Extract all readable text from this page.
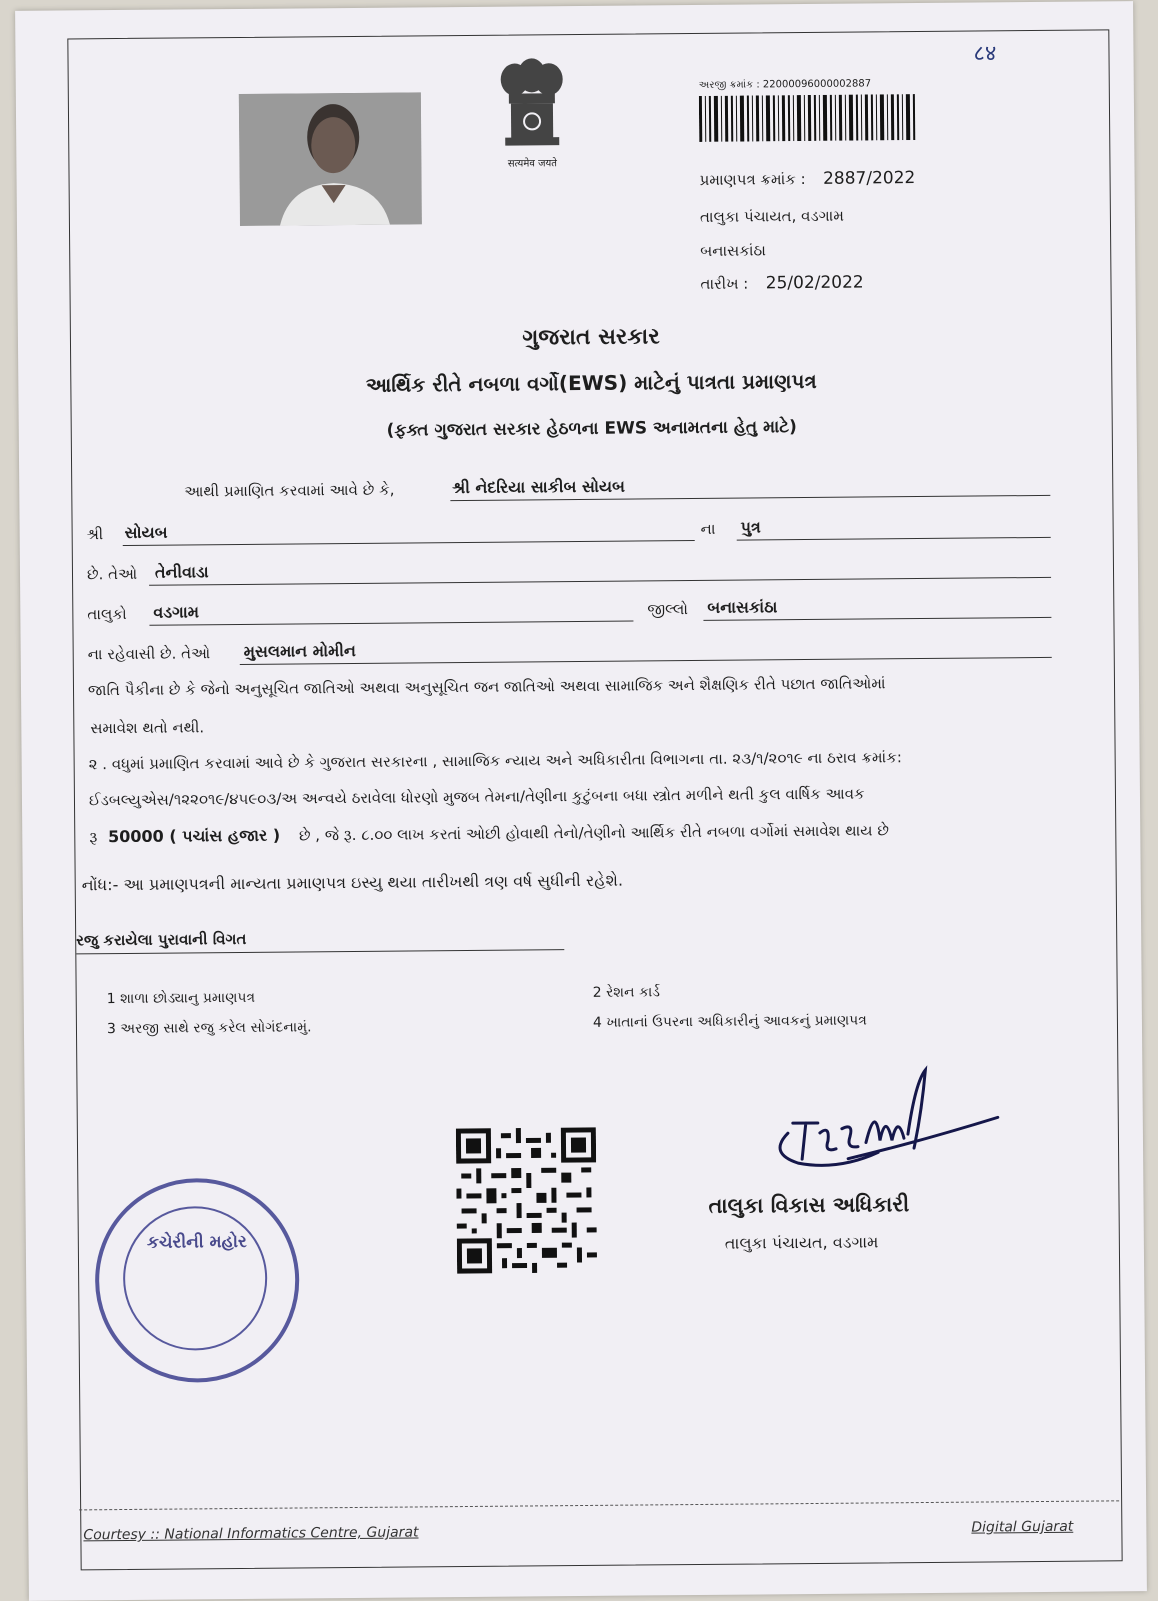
८४
सत्यमेव जयते
અરજી ક્રમાંક : 22000096000002887
પ્રમાણપત્ર ક્રમાંક : 2887/2022
તાલુકા પંચાયત, વડગામ
બનાસકાંઠા
તારીખ : 25/02/2022
ગુજરાત સરકાર
આર્થિક રીતે નબળા વર્ગો(EWS) માટેનું પાત્રતા પ્રમાણપત્ર
(ફક્ત ગુજરાત સરકાર હેઠળના EWS અનામતના હેતુ માટે)
આથી પ્રમાણિત કરવામાં આવે છે કે,	શ્રી નેદરિયા સાકીબ સોયબ
શ્રી સોયબ	ના પુત્ર
છે. તેઓ તેનીવાડા
તાલુકો વડગામ	જીલ્લો બનાસકાંઠા
ના રહેવાસી છે. તેઓ મુસલમાન મોમીન
જાતિ પૈકીના છે કે જેનો અનુસૂચિત જાતિઓ અથવા અનુસૂચિત જન જાતિઓ અથવા સામાજિક અને શૈક્ષણિક રીતે પછાત જાતિઓમાં
સમાવેશ થતો નથી.
૨ . વધુમાં પ્રમાણિત કરવામાં આવે છે કે ગુજરાત સરકારના , સામાજિક ન્યાય અને અધિકારીતા વિભાગના તા. ૨૩/૧/૨૦૧૯ ના ઠરાવ ક્રમાંક:
ઈડબલ્યુએસ/૧૨૨૦૧૯/૪૫૯૦૩/અ અન્વયે ઠરાવેલા ધોરણો મુજબ તેમના/તેણીના કુટુંબના બધા સ્ત્રોત મળીને થતી કુલ વાર્ષિક આવક
રૂ 50000 ( પચાંસ હજાર ) છે , જે રૂ. ૮.૦૦ લાખ કરતાં ઓછી હોવાથી તેનો/તેણીનો આર્થિક રીતે નબળા વર્ગોમાં સમાવેશ થાય છે
નોંધ:- આ પ્રમાણપત્રની માન્યતા પ્રમાણપત્ર ઇસ્યુ થયા તારીખથી ત્રણ વર્ષ સુધીની રહેશે.
રજુ કરાયેલા પુરાવાની વિગત
1 શાળા છોડ્યાનુ પ્રમાણપત્ર	2 રેશન કાર્ડ
3 અરજી સાથે રજુ કરેલ સોગંદનામું.	4 ખાતાનાં ઉપરના અધિકારીનું આવકનું પ્રમાણપત્ર
કચેરીની મહોર
તાલુકા વિકાસ અધિકારી
તાલુકા પંચાયત, વડગામ
Courtesy :: National Informatics Centre, Gujarat	Digital Gujarat
